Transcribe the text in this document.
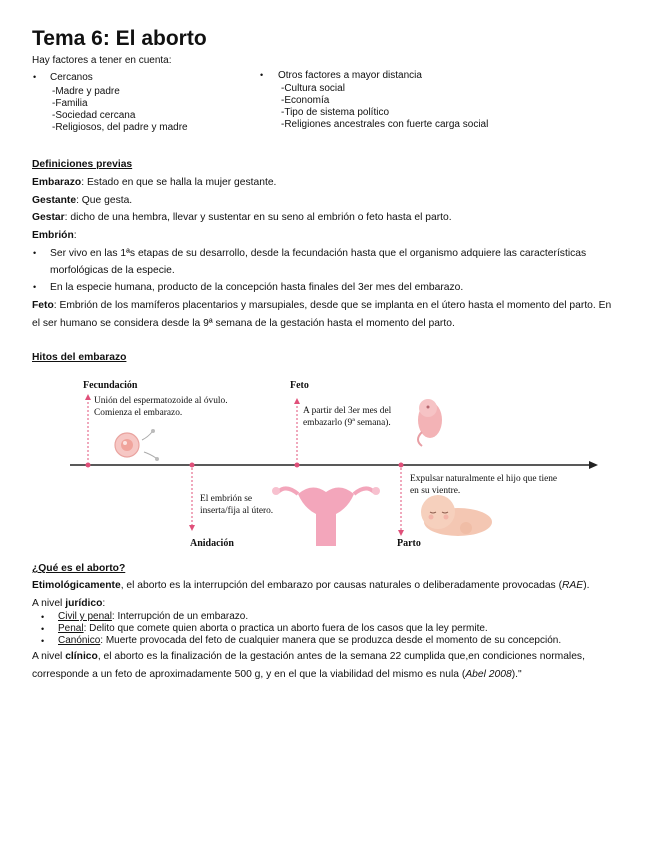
Tema 6: El aborto
Hay factores a tener en cuenta:
• Cercanos
-Madre y padre
-Familia
-Sociedad cercana
-Religiosos, del padre y madre
• Otros factores a mayor distancia
-Cultura social
-Economía
-Tipo de sistema político
-Religiones ancestrales con fuerte carga social
Definiciones previas
Embarazo: Estado en que se halla la mujer gestante.
Gestante: Que gesta.
Gestar: dicho de una hembra, llevar y sustentar en su seno al embrión o feto hasta el parto.
Embrión:
• Ser vivo en las 1ªs etapas de su desarrollo, desde la fecundación hasta que el organismo adquiere las características
morfológicas de la especie.
• En la especie humana, producto de la concepción hasta finales del 3er mes del embarazo.
Feto: Embrión de los mamíferos placentarios y marsupiales, desde que se implanta en el útero hasta el momento del parto. En
el ser humano se considera desde la 9ª semana de la gestación hasta el momento del parto.
Hitos del embarazo
Fecundación
Unión del espermatozoide al óvulo. Comienza el embarazo.
Feto
A partir del 3er mes del embazarlo (9ª semana).
El embrión se inserta/fija al útero.
Anidación
Expulsar naturalmente el hijo que tiene en su vientre.
Parto
¿Qué es el aborto?
Etimológicamente, el aborto es la interrupción del embarazo por causas naturales o deliberadamente provocadas (RAE).
A nivel jurídico:
• Civil y penal: Interrupción de un embarazo.
• Penal: Delito que comete quien aborta o practica un aborto fuera de los casos que la ley permite.
• Canónico: Muerte provocada del feto de cualquier manera que se produzca desde el momento de su concepción.
A nivel clínico, el aborto es la finalización de la gestación antes de la semana 22 cumplida que,en condiciones normales,
corresponde a un feto de aproximadamente 500 g, y en el que la viabilidad del mismo es nula (Abel 2008)."
